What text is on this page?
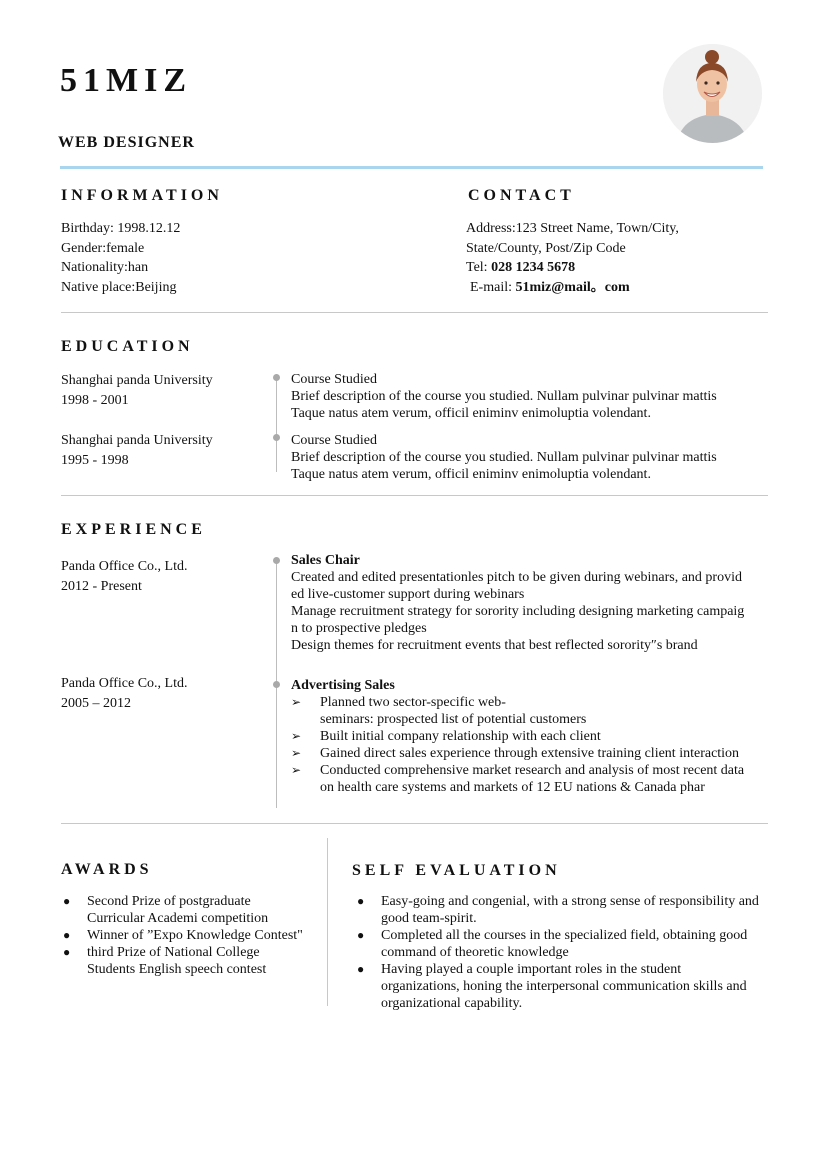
51MIZ
WEB DESIGNER
INFORMATION
Birthday: 1998.12.12
Gender:female
Nationality:han
Native place:Beijing
CONTACT
Address:123 Street Name, Town/City,
State/County, Post/Zip Code
Tel: 028 1234 5678
E-mail: 51miz@mail。com
EDUCATION
Shanghai panda University
1998 - 2001
Course Studied
Brief description of the course you studied. Nullam pulvinar pulvinar mattis
Taque natus atem verum, officil eniminv enimoluptia volendant.
Shanghai panda University
1995 - 1998
Course Studied
Brief description of the course you studied. Nullam pulvinar pulvinar mattis
Taque natus atem verum, officil eniminv enimoluptia volendant.
EXPERIENCE
Panda Office Co., Ltd.
2012 - Present
Sales Chair
Created and edited presentationles pitch to be given during webinars, and provid
ed live-customer support during webinars
Manage recruitment strategy for sorority including designing marketing campaig
n to prospective pledges
Design themes for recruitment events that best reflected sorority″s brand
Panda Office Co., Ltd.
2005 – 2012
Advertising Sales
➢ Planned two sector-specific web-
seminars: prospected list of potential customers
➢ Built initial company relationship with each client
➢ Gained direct sales experience through extensive training client interaction
➢ Conducted comprehensive market research and analysis of most recent data
on health care systems and markets of 12 EU nations & Canada phar
AWARDS
● Second Prize of postgraduate
Curricular Academi competition
● Winner of ”Expo Knowledge Contest"
● third Prize of National College
Students English speech contest
SELF EVALUATION
● Easy-going and congenial, with a strong sense of responsibility and
good team-spirit.
● Completed all the courses in the specialized field, obtaining good
command of theoretic knowledge
● Having played a couple important roles in the student
organizations, honing the interpersonal communication skills and
organizational capability.
